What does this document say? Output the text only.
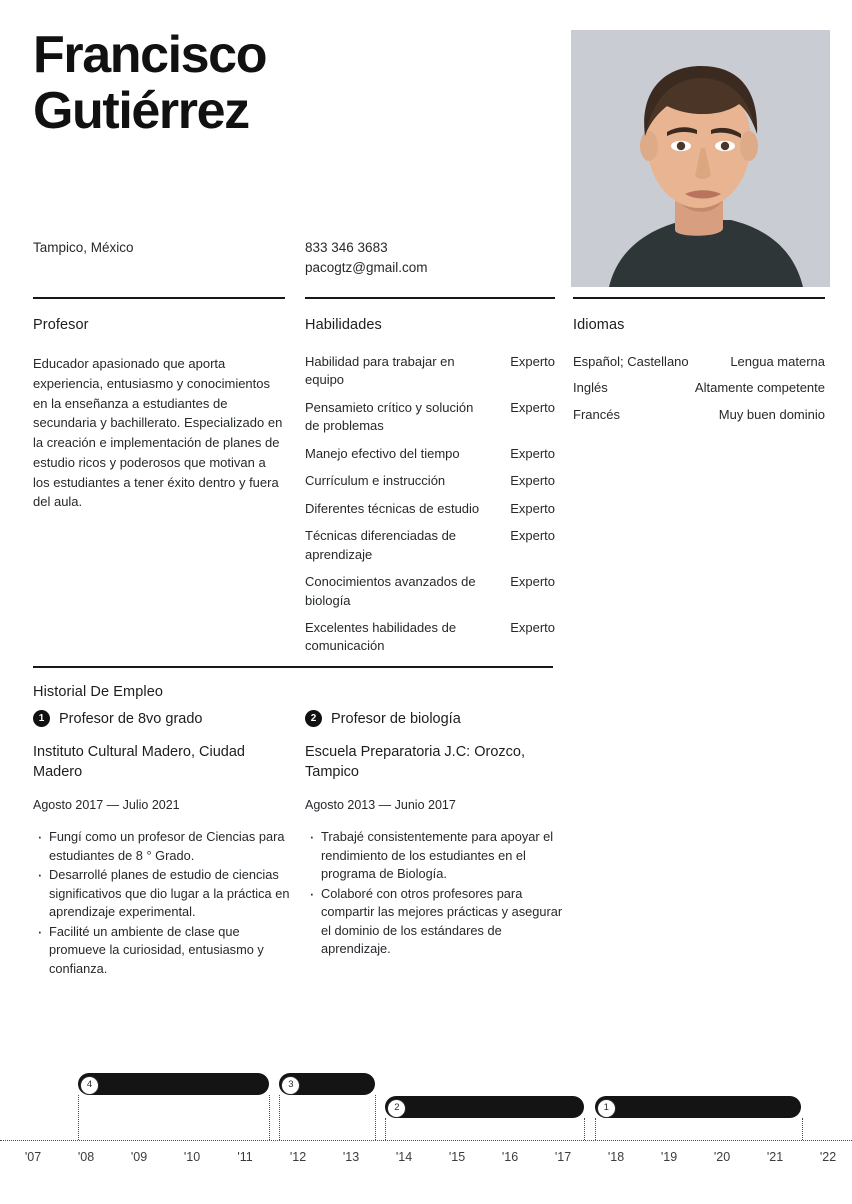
Francisco
Gutiérrez
Tampico, México	833 346 3683
pacogtz@gmail.com
Profesor	Habilidades	Idiomas
Historial De Empleo
Educador apasionado que aporta experiencia, entusiasmo y conocimientos en la enseñanza a estudiantes de secundaria y bachillerato. Especializado en la creación e implementación de planes de estudio ricos y poderosos que motivan a los estudiantes a tener éxito dentro y fuera del aula.
Habilidad para trabajar en equipo
Experto
Pensamieto crítico y solución de problemas
Experto
Manejo efectivo del tiempo	Experto
Currículum e instrucción	Experto
Diferentes técnicas de estudio	Experto
Técnicas diferenciadas de aprendizaje
Experto
Conocimientos avanzados de biología
Experto
Excelentes habilidades de comunicación
Experto
Español; Castellano	Lengua materna
Inglés	Altamente competente
Francés	Muy buen dominio
1	Profesor de 8vo grado
Instituto Cultural Madero, Ciudad Madero
Agosto 2017 — Julio 2021
· Fungí como un profesor de Ciencias para estudiantes de 8 ° Grado.
· Desarrollé planes de estudio de ciencias significativos que dio lugar a la práctica en aprendizaje experimental.
· Facilité un ambiente de clase que promueve la curiosidad, entusiasmo y confianza.
2	Profesor de biología
Escuela Preparatoria J.C: Orozco, Tampico
Agosto 2013 — Junio 2017
· Trabajé consistentemente para apoyar el rendimiento de los estudiantes en el programa de Biología.
· Colaboré con otros profesores para compartir las mejores prácticas y asegurar el dominio de los estándares de aprendizaje.
4	3
2	1
'07	'08	'09	'10	'11	'12	'13	'14	'15	'16	'17	'18	'19	'20	'21	'22
